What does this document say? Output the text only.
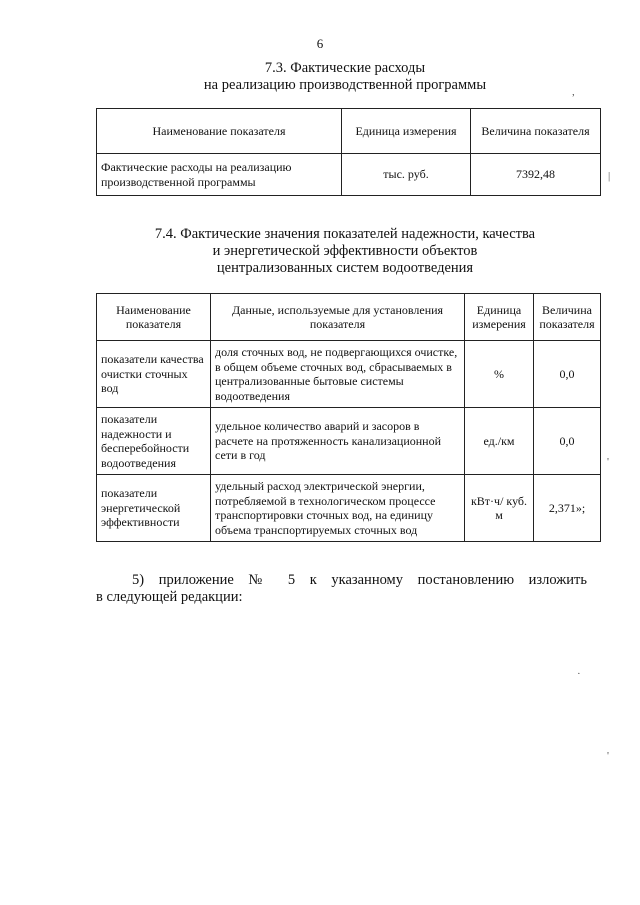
6
7.3. Фактические расходы
на реализацию производственной программы
Наименование показателя	Единица измерения	Величина показателя
Фактические расходы на реализацию производственной программы	тыс. руб.	7392,48
7.4. Фактические значения показателей надежности, качества
и энергетической эффективности объектов
централизованных систем водоотведения
Наименование показателя	Данные, используемые для установления показателя	Единица измерения	Величина показателя
показатели качества очистки сточных вод	доля сточных вод, не подвергающихся очистке, в общем объеме сточных вод, сбрасываемых в централизованные бытовые системы водоотведения	%	0,0
показатели надежности и бесперебойности водоотведения	удельное количество аварий и засоров в расчете на протяженность канализационной сети в год	ед./км	0,0
показатели энергетической эффективности	удельный расход электрической энергии, потребляемой в технологическом процессе транспортировки сточных вод, на единицу объема транспортируемых сточных вод	кВт·ч/ куб. м	2,371»;
5) приложение № 5 к указанному постановлению изложить
в следующей редакции:
,
|
'
·
'
